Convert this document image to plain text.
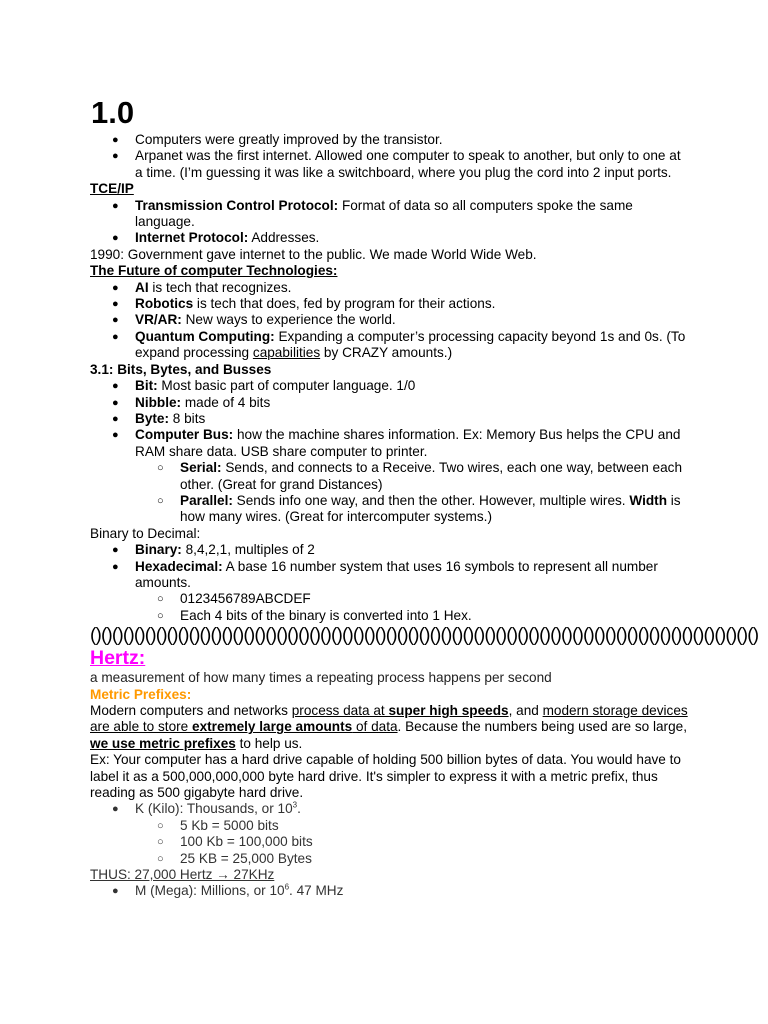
1.0
● Computers were greatly improved by the transistor.
● Arpanet was the first internet. Allowed one computer to speak to another, but only to one at a time. (I’m guessing it was like a switchboard, where you plug the cord into 2 input ports.
TCE/IP
● Transmission Control Protocol: Format of data so all computers spoke the same language.
● Internet Protocol: Addresses.
1990: Government gave internet to the public. We made World Wide Web.
The Future of computer Technologies:
● AI is tech that recognizes.
● Robotics is tech that does, fed by program for their actions.
● VR/AR: New ways to experience the world.
● Quantum Computing: Expanding a computer’s processing capacity beyond 1s and 0s. (To expand processing capabilities by CRAZY amounts.)
3.1: Bits, Bytes, and Busses
● Bit: Most basic part of computer language. 1/0
● Nibble: made of 4 bits
● Byte: 8 bits
● Computer Bus: how the machine shares information. Ex: Memory Bus helps the CPU and RAM share data. USB share computer to printer.
○ Serial: Sends, and connects to a Receive. Two wires, each one way, between each other. (Great for grand Distances)
○ Parallel: Sends info one way, and then the other. However, multiple wires. Width is how many wires. (Great for intercomputer systems.)
Binary to Decimal:
● Binary: 8,4,2,1, multiples of 2
● Hexadecimal: A base 16 number system that uses 16 symbols to represent all number amounts.
○ 0123456789ABCDEF
○ Each 4 bits of the binary is converted into 1 Hex.
()()()()()()()()()()()()()()()()()()()()()()()()()()()()()()()()()()()()()()()()()()()()()()()()()()()()()()()()()()()()()
Hertz:
a measurement of how many times a repeating process happens per second
Metric Prefixes:
Modern computers and networks process data at super high speeds, and modern storage devices are able to store extremely large amounts of data. Because the numbers being used are so large, we use metric prefixes to help us.
Ex: Your computer has a hard drive capable of holding 500 billion bytes of data. You would have to label it as a 500,000,000,000 byte hard drive. It's simpler to express it with a metric prefix, thus reading as 500 gigabyte hard drive.
● K (Kilo): Thousands, or $10^3$.
○ 5 Kb = 5000 bits
○ 100 Kb = 100,000 bits
○ 25 KB = 25,000 Bytes
THUS: 27,000 Hertz → 27KHz
● M (Mega): Millions, or $10^6$. 47 MHz
